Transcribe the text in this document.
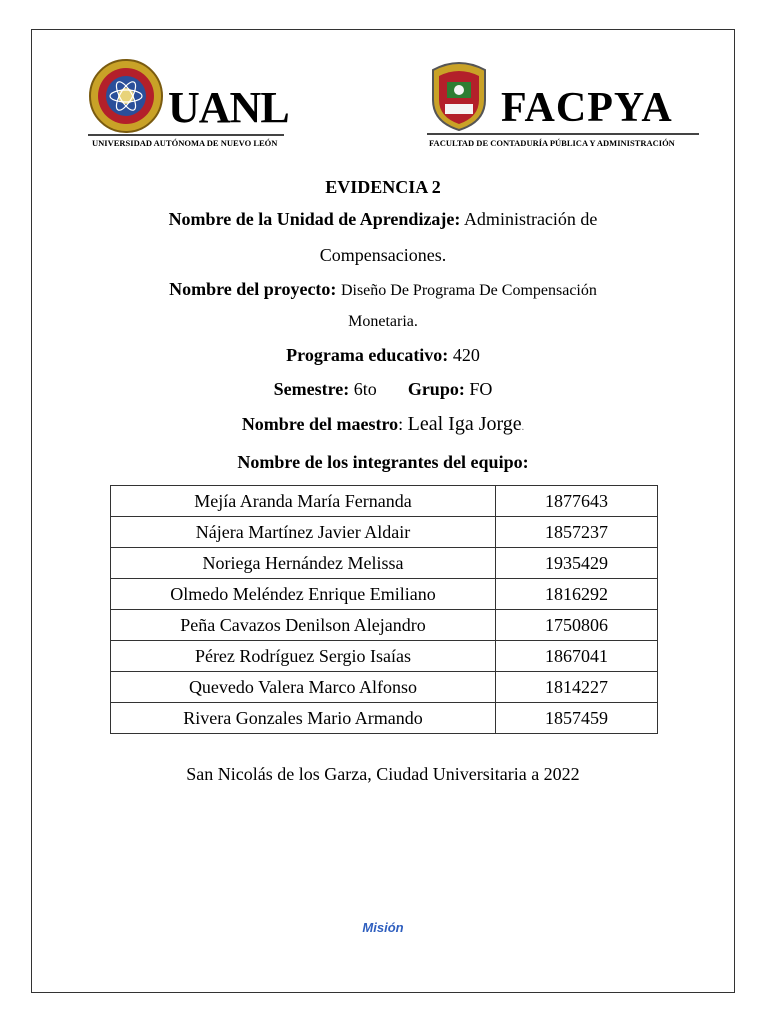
UANL
UNIVERSIDAD AUTÓNOMA DE NUEVO LEÓN
FACPYA
FACULTAD DE CONTADURÍA PÚBLICA Y ADMINISTRACIÓN
EVIDENCIA 2
Nombre de la Unidad de Aprendizaje: Administración de
Compensaciones.
Nombre del proyecto: Diseño De Programa De Compensación
Monetaria.
Programa educativo: 420
Semestre: 6to Grupo: FO
Nombre del maestro: Leal Iga Jorge.
Nombre de los integrantes del equipo:
Mejía Aranda María Fernanda	1877643
Nájera Martínez Javier Aldair	1857237
Noriega Hernández Melissa	1935429
Olmedo Meléndez Enrique Emiliano	1816292
Peña Cavazos Denilson Alejandro	1750806
Pérez Rodríguez Sergio Isaías	1867041
Quevedo Valera Marco Alfonso	1814227
Rivera Gonzales Mario Armando	1857459
San Nicolás de los Garza, Ciudad Universitaria a 2022
Misión
